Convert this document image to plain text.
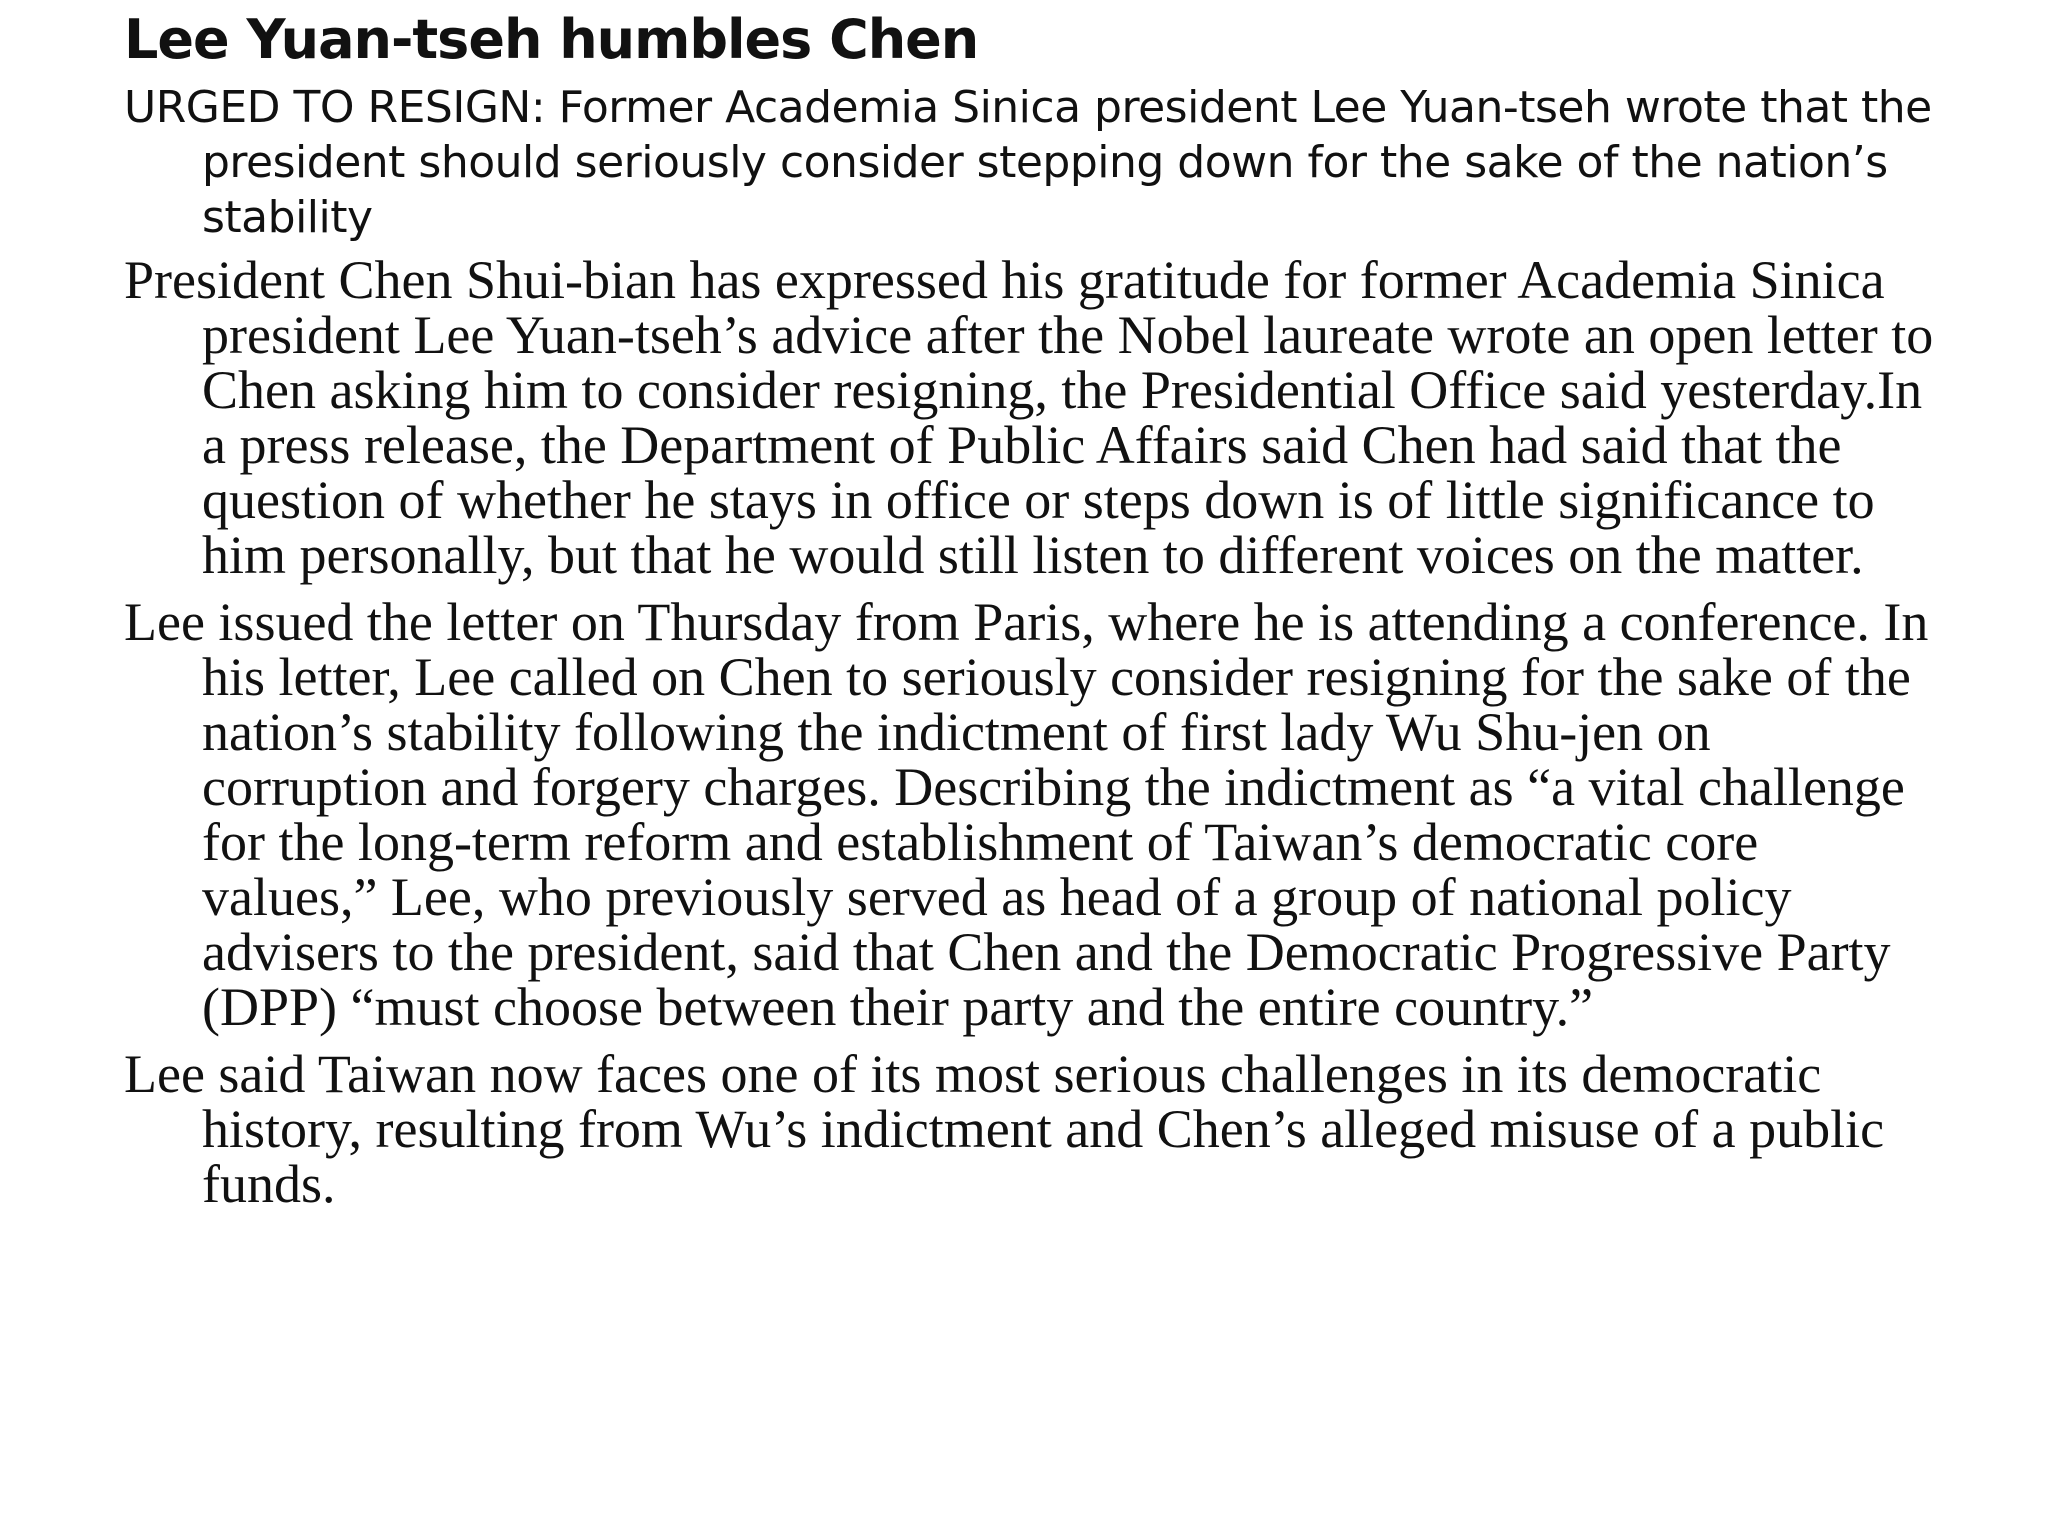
Lee Yuan-tseh humbles Chen

URGED TO RESIGN: Former Academia Sinica president Lee Yuan-tseh wrote that the president should seriously consider stepping down for the sake of the nation’s stability

President Chen Shui-bian has expressed his gratitude for former Academia Sinica president Lee Yuan-tseh’s advice after the Nobel laureate wrote an open letter to Chen asking him to consider resigning, the Presidential Office said yesterday.In a press release, the Department of Public Affairs said Chen had said that the question of whether he stays in office or steps down is of little significance to him personally, but that he would still listen to different voices on the matter.

Lee issued the letter on Thursday from Paris, where he is attending a conference. In his letter, Lee called on Chen to seriously consider resigning for the sake of the nation’s stability following the indictment of first lady Wu Shu-jen on corruption and forgery charges. Describing the indictment as “a vital challenge for the long-term reform and establishment of Taiwan’s democratic core values,” Lee, who previously served as head of a group of national policy advisers to the president, said that Chen and the Democratic Progressive Party (DPP) “must choose between their party and the entire country.”

Lee said Taiwan now faces one of its most serious challenges in its democratic history, resulting from Wu’s indictment and Chen’s alleged misuse of a public funds.
